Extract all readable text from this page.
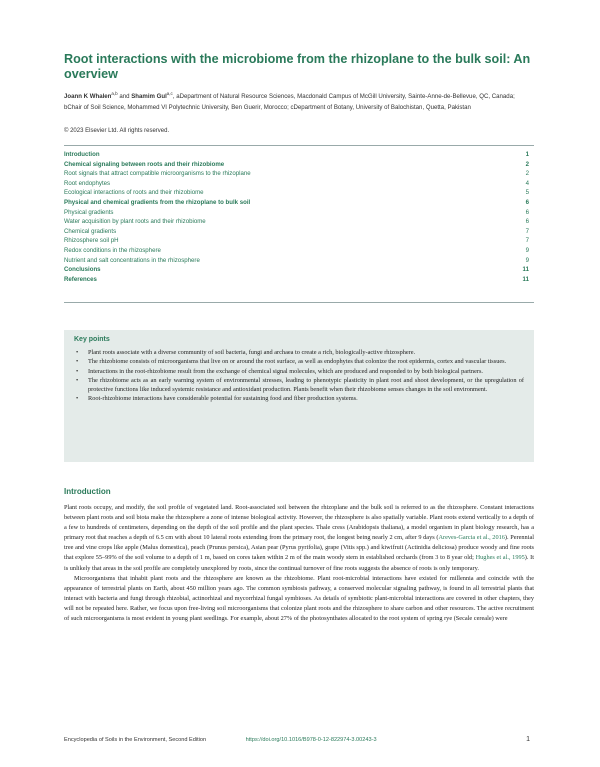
Root interactions with the microbiome from the rhizoplane to the bulk soil: An overview
Joann K Whalen$^{a,b}$ and Shamim Gul$^{a,c}$, aDepartment of Natural Resource Sciences, Macdonald Campus of McGill University, Sainte-Anne-de-Bellevue, QC, Canada; bChair of Soil Science, Mohammed VI Polytechnic University, Ben Guerir, Morocco; cDepartment of Botany, University of Balochistan, Quetta, Pakistan
© 2023 Elsevier Ltd. All rights reserved.
Introduction	1
Chemical signaling between roots and their rhizobiome	2
Root signals that attract compatible microorganisms to the rhizoplane	2
Root endophytes	4
Ecological interactions of roots and their rhizobiome	5
Physical and chemical gradients from the rhizoplane to bulk soil	6
Physical gradients	6
Water acquisition by plant roots and their rhizobiome	6
Chemical gradients	7
Rhizosphere soil pH	7
Redox conditions in the rhizosphere	9
Nutrient and salt concentrations in the rhizosphere	9
Conclusions	11
References	11
Key points
•	Plant roots associate with a diverse community of soil bacteria, fungi and archaea to create a rich, biologically-active rhizosphere.
•	The rhizobiome consists of microorganisms that live on or around the root surface, as well as endophytes that colonize the root epidermis, cortex and vascular tissues.
•	Interactions in the root-rhizobiome result from the exchange of chemical signal molecules, which are produced and responded to by both biological partners.
•	The rhizobiome acts as an early warning system of environmental stresses, leading to phenotypic plasticity in plant root and shoot development, or the upregulation of protective functions like induced systemic resistance and antioxidant production. Plants benefit when their rhizobiome senses changes in the soil environment.
•	Root-rhizobiome interactions have considerable potential for sustaining food and fiber production systems.
Introduction

Plant roots occupy, and modify, the soil profile of vegetated land. Root-associated soil between the rhizoplane and the bulk soil is referred to as the rhizosphere. Constant interactions between plant roots and soil biota make the rhizosphere a zone of intense biological activity. However, the rhizosphere is also spatially variable. Plant roots extend vertically to a depth of a few to hundreds of centimeters, depending on the depth of the soil profile and the plant species. Thale cress (Arabidopsis thaliana), a model organism in plant biology research, has a primary root that reaches a depth of 6.5 cm with about 10 lateral roots extending from the primary root, the longest being nearly 2 cm, after 9 days (Areves-Garcia et al., 2016). Perennial tree and vine crops like apple (Malus domestica), peach (Prunus persica), Asian pear (Pyrus pyrifolia), grape (Vitis spp.) and kiwifruit (Actinidia deliciosa) produce woody and fine roots that explore 55–99% of the soil volume to a depth of 1 m, based on cores taken within 2 m of the main woody stem in established orchards (from 3 to 8 year old; Hughes et al., 1995). It is unlikely that areas in the soil profile are completely unexplored by roots, since the continual turnover of fine roots suggests the absence of roots is only temporary.

Microorganisms that inhabit plant roots and the rhizosphere are known as the rhizobiome. Plant root-microbial interactions have existed for millennia and coincide with the appearance of terrestrial plants on Earth, about 450 million years ago. The common symbiosis pathway, a conserved molecular signaling pathway, is found in all terrestrial plants that interact with bacteria and fungi through rhizobial, actinorhizal and mycorrhizal fungal symbioses. As details of symbiotic plant-microbial interactions are covered in other chapters, they will not be repeated here. Rather, we focus upon free-living soil microorganisms that colonize plant roots and the rhizosphere to share carbon and other resources. The active recruitment of such microorganisms is most evident in young plant seedlings. For example, about 27% of the photosynthates allocated to the root system of spring rye (Secale cereale) were

Encyclopedia of Soils in the Environment, Second Edition	https://doi.org/10.1016/B978-0-12-822974-3.00243-3	1
